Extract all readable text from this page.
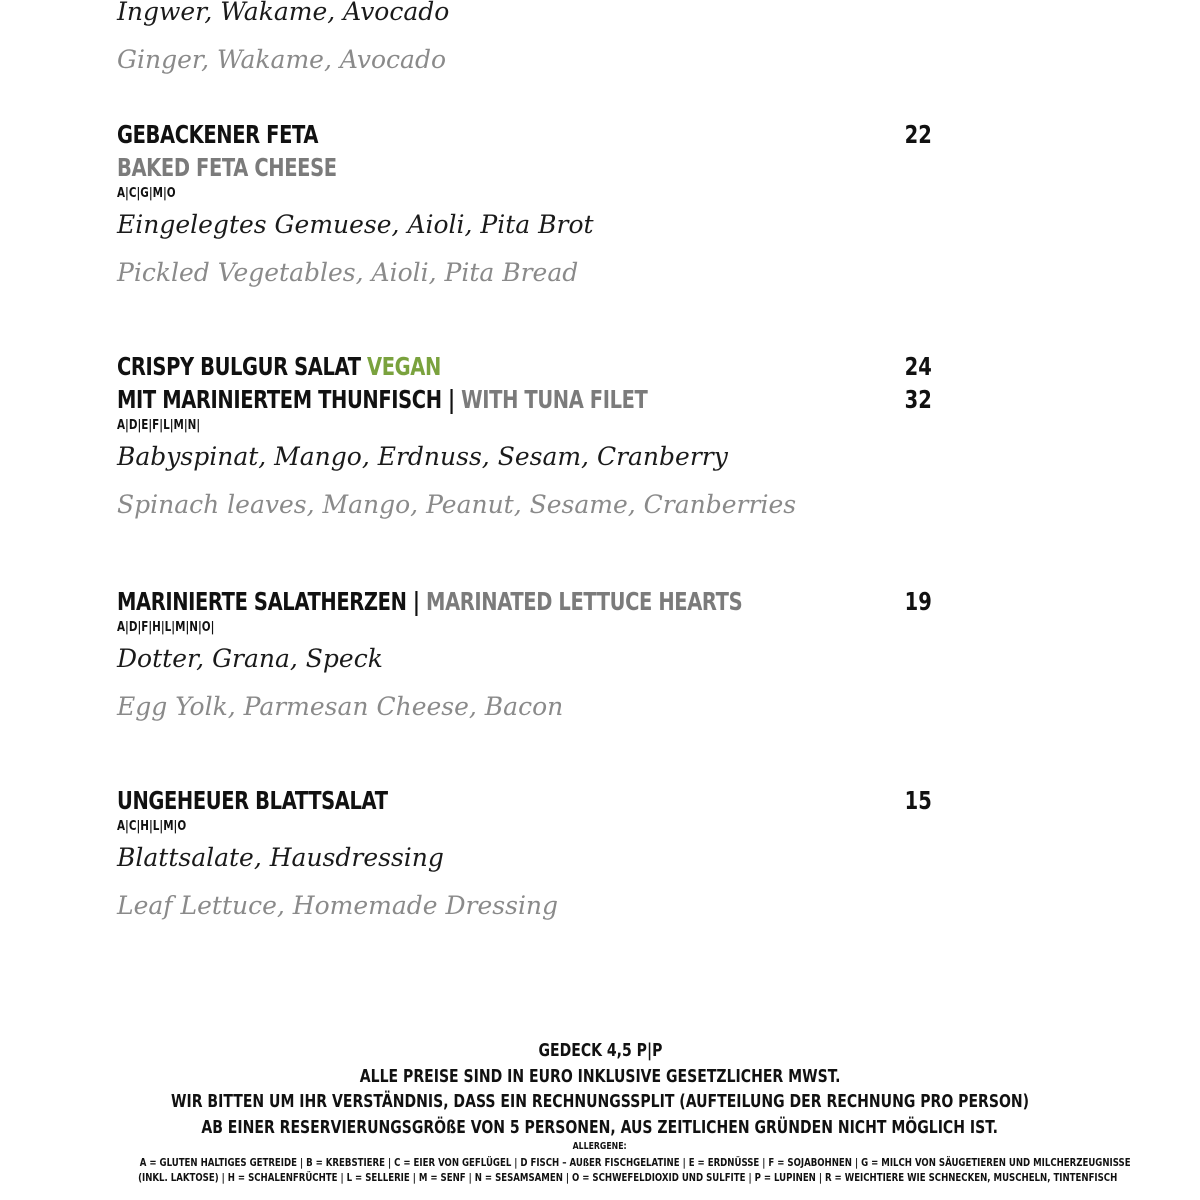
Ingwer, Wakame, Avocado
Ginger, Wakame, Avocado
GEBACKENER FETA	22
BAKED FETA CHEESE
A|C|G|M|O
Eingelegtes Gemuese, Aioli, Pita Brot
Pickled Vegetables, Aioli, Pita Bread
CRISPY BULGUR SALAT VEGAN	24
MIT MARINIERTEM THUNFISCH | WITH TUNA FILET	32
A|D|E|F|L|M|N|
Babyspinat, Mango, Erdnuss, Sesam, Cranberry
Spinach leaves, Mango, Peanut, Sesame, Cranberries
MARINIERTE SALATHERZEN | MARINATED LETTUCE HEARTS	19
A|D|F|H|L|M|N|O|
Dotter, Grana, Speck
Egg Yolk, Parmesan Cheese, Bacon
UNGEHEUER BLATTSALAT	15
A|C|H|L|M|O
Blattsalate, Hausdressing
Leaf Lettuce, Homemade Dressing
GEDECK 4,5 P|P
ALLE PREISE SIND IN EURO INKLUSIVE GESETZLICHER MWST.
WIR BITTEN UM IHR VERSTÄNDNIS, DASS EIN RECHNUNGSSPLIT (AUFTEILUNG DER RECHNUNG PRO PERSON)
AB EINER RESERVIERUNGSGRÖßE VON 5 PERSONEN, AUS ZEITLICHEN GRÜNDEN NICHT MÖGLICH IST.
ALLERGENE:
A = GLUTEN HALTIGES GETREIDE | B = KREBSTIERE | C = EIER VON GEFLÜGEL | D FISCH – AUßER FISCHGELATINE | E = ERDNÜSSE | F = SOJABOHNEN | G = MILCH VON SÄUGETIEREN UND MILCHERZEUGNISSE
(INKL. LAKTOSE) | H = SCHALENFRÜCHTE | L = SELLERIE | M = SENF | N = SESAMSAMEN | O = SCHWEFELDIOXID UND SULFITE | P = LUPINEN | R = WEICHTIERE WIE SCHNECKEN, MUSCHELN, TINTENFISCH
